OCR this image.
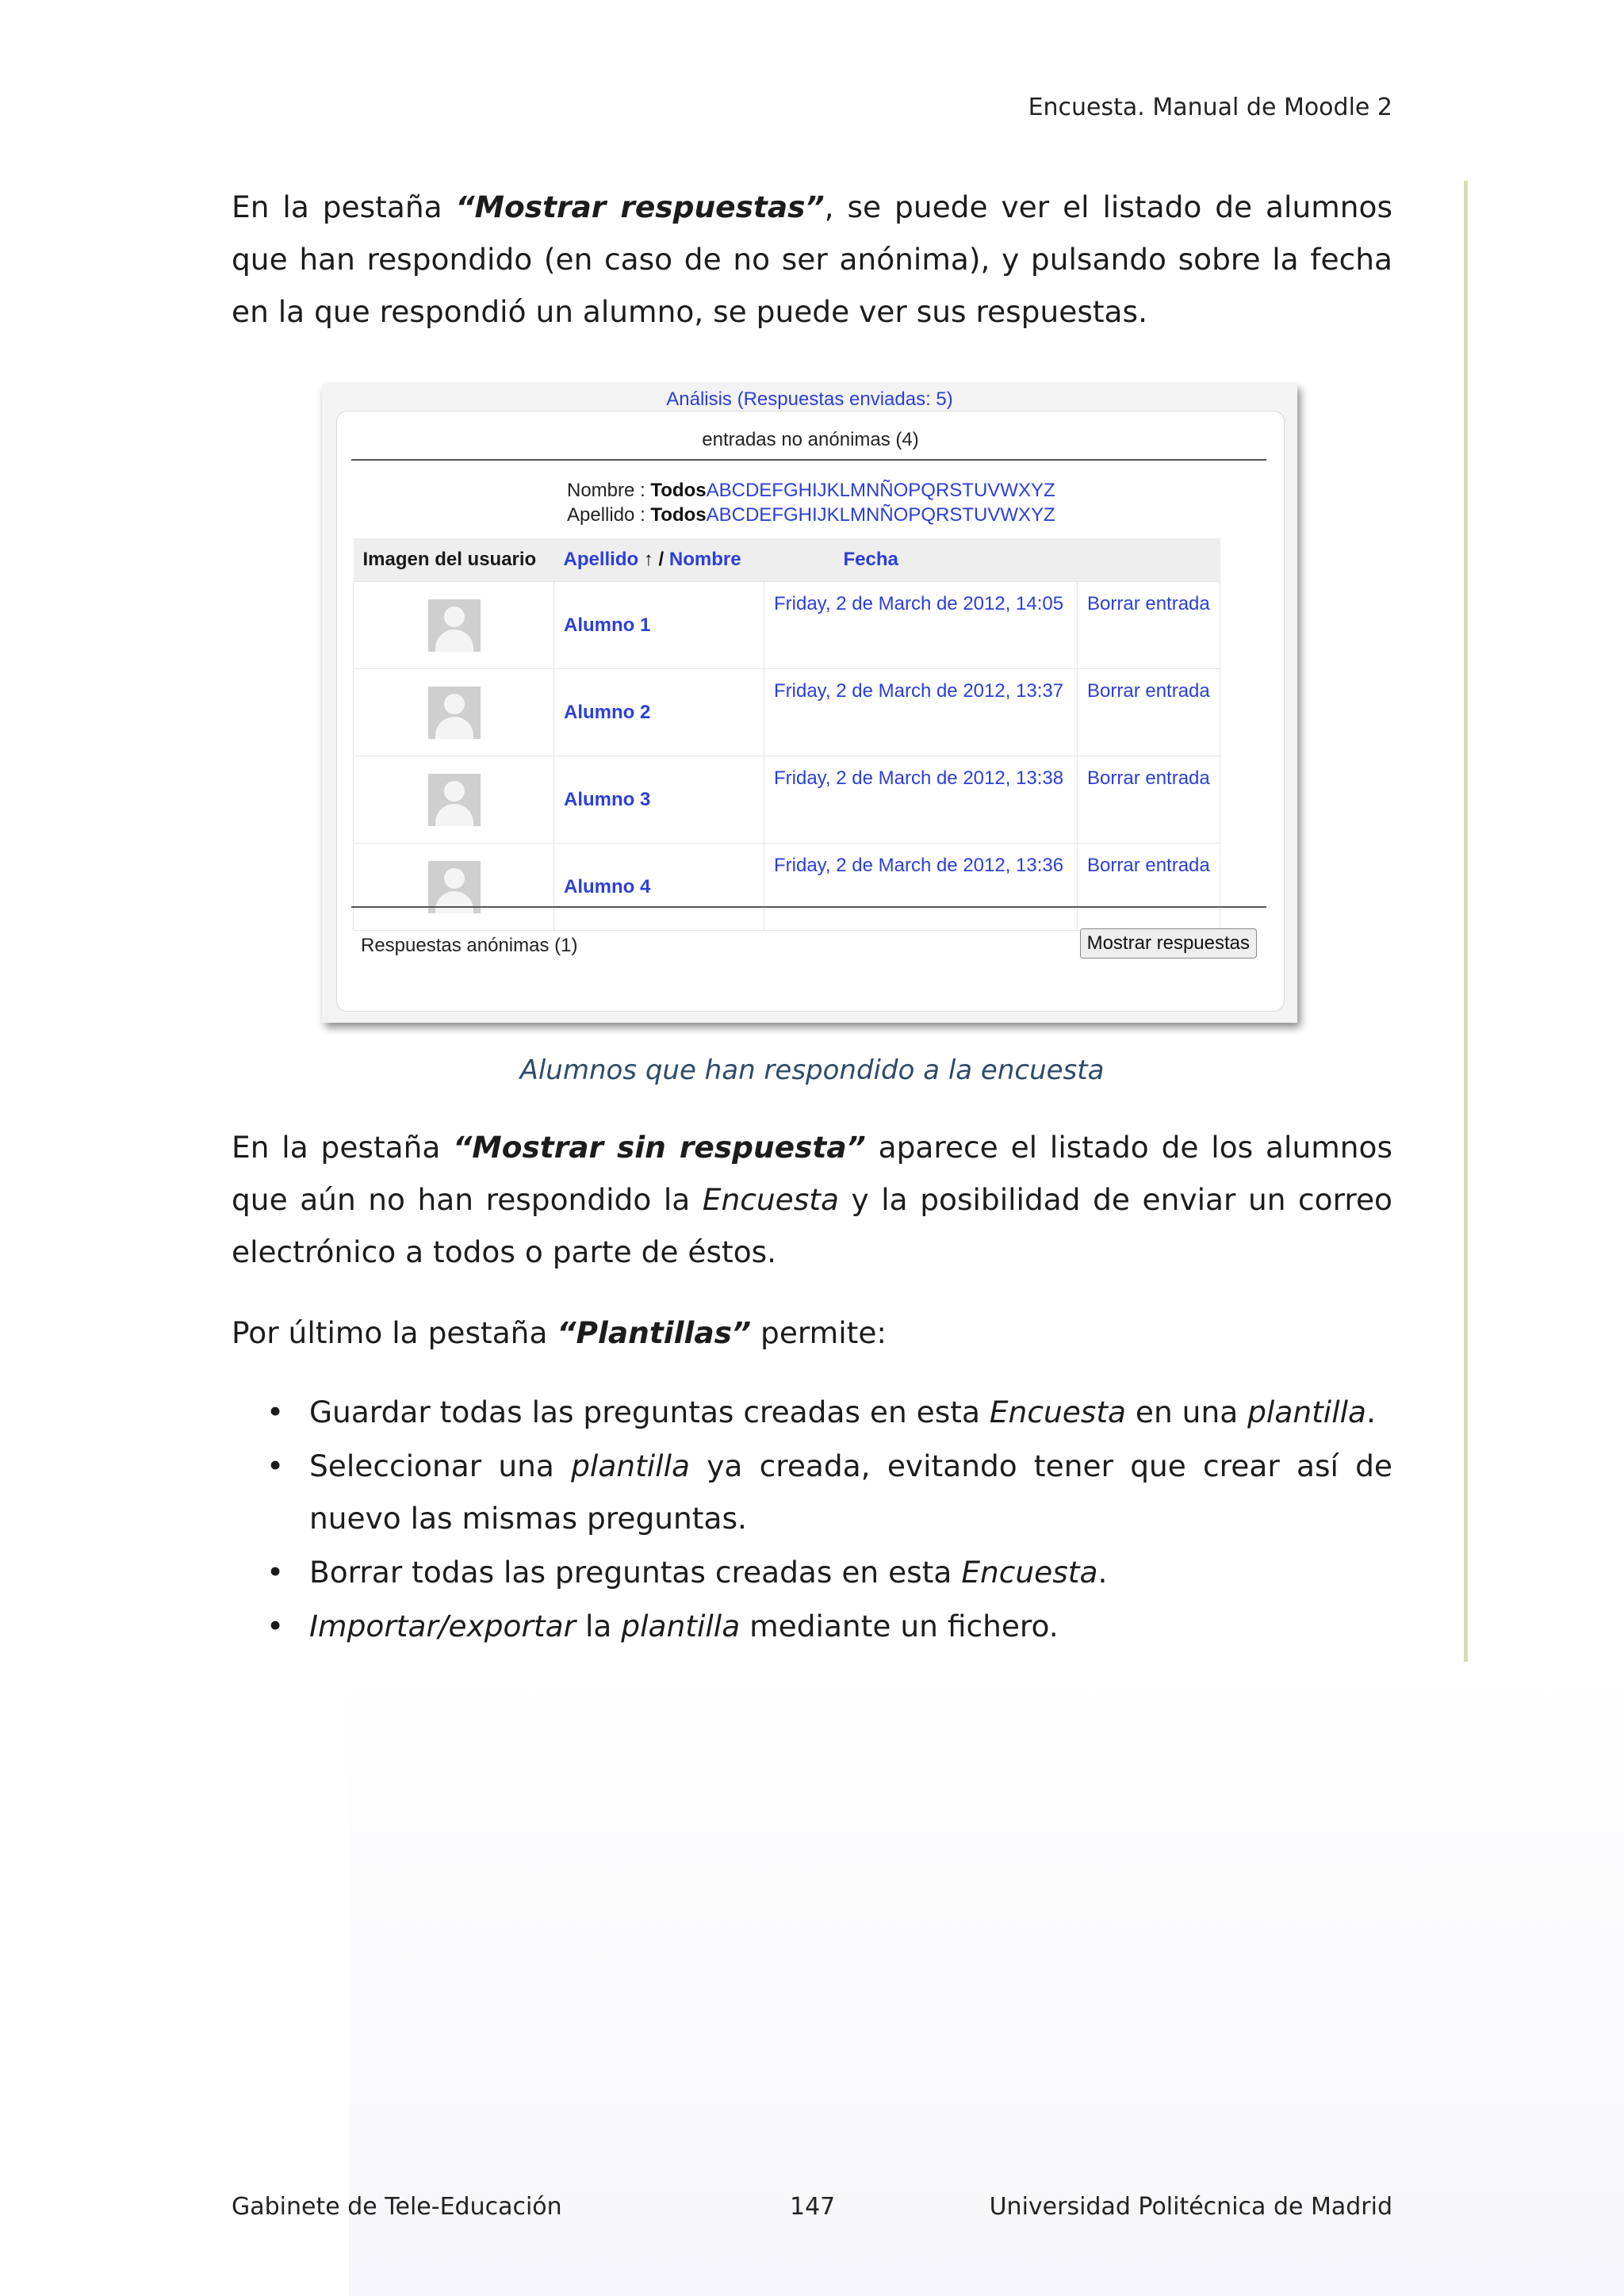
Encuesta. Manual de Moodle 2

En la pestaña “Mostrar respuestas”, se puede ver el listado de alumnos que han respondido (en caso de no ser anónima), y pulsando sobre la fecha en la que respondió un alumno, se puede ver sus respuestas.

Análisis (Respuestas enviadas: 5)
entradas no anónimas (4)
Nombre : TodosABCDEFGHIJKLMNÑOPQRSTUVWXYZ
Apellido : TodosABCDEFGHIJKLMNÑOPQRSTUVWXYZ
Imagen del usuario	Apellido ↑ / Nombre	Fecha	

	Alumno 1	Friday, 2 de March de 2012, 14:05	Borrar entrada

	Alumno 2	Friday, 2 de March de 2012, 13:37	Borrar entrada

	Alumno 3	Friday, 2 de March de 2012, 13:38	Borrar entrada

	Alumno 4	Friday, 2 de March de 2012, 13:36	Borrar entrada
Respuestas anónimas (1)	Mostrar respuestas
Alumnos que han respondido a la encuesta

En la pestaña “Mostrar sin respuesta” aparece el listado de los alumnos que aún no han respondido la Encuesta y la posibilidad de enviar un correo electrónico a todos o parte de éstos.

Por último la pestaña “Plantillas” permite:

• Guardar todas las preguntas creadas en esta Encuesta en una plantilla.
• Seleccionar una plantilla ya creada, evitando tener que crear así de nuevo las mismas preguntas.
• Borrar todas las preguntas creadas en esta Encuesta.
• Importar/exportar la plantilla mediante un fichero.
Gabinete de Tele-Educación	147	Universidad Politécnica de Madrid
